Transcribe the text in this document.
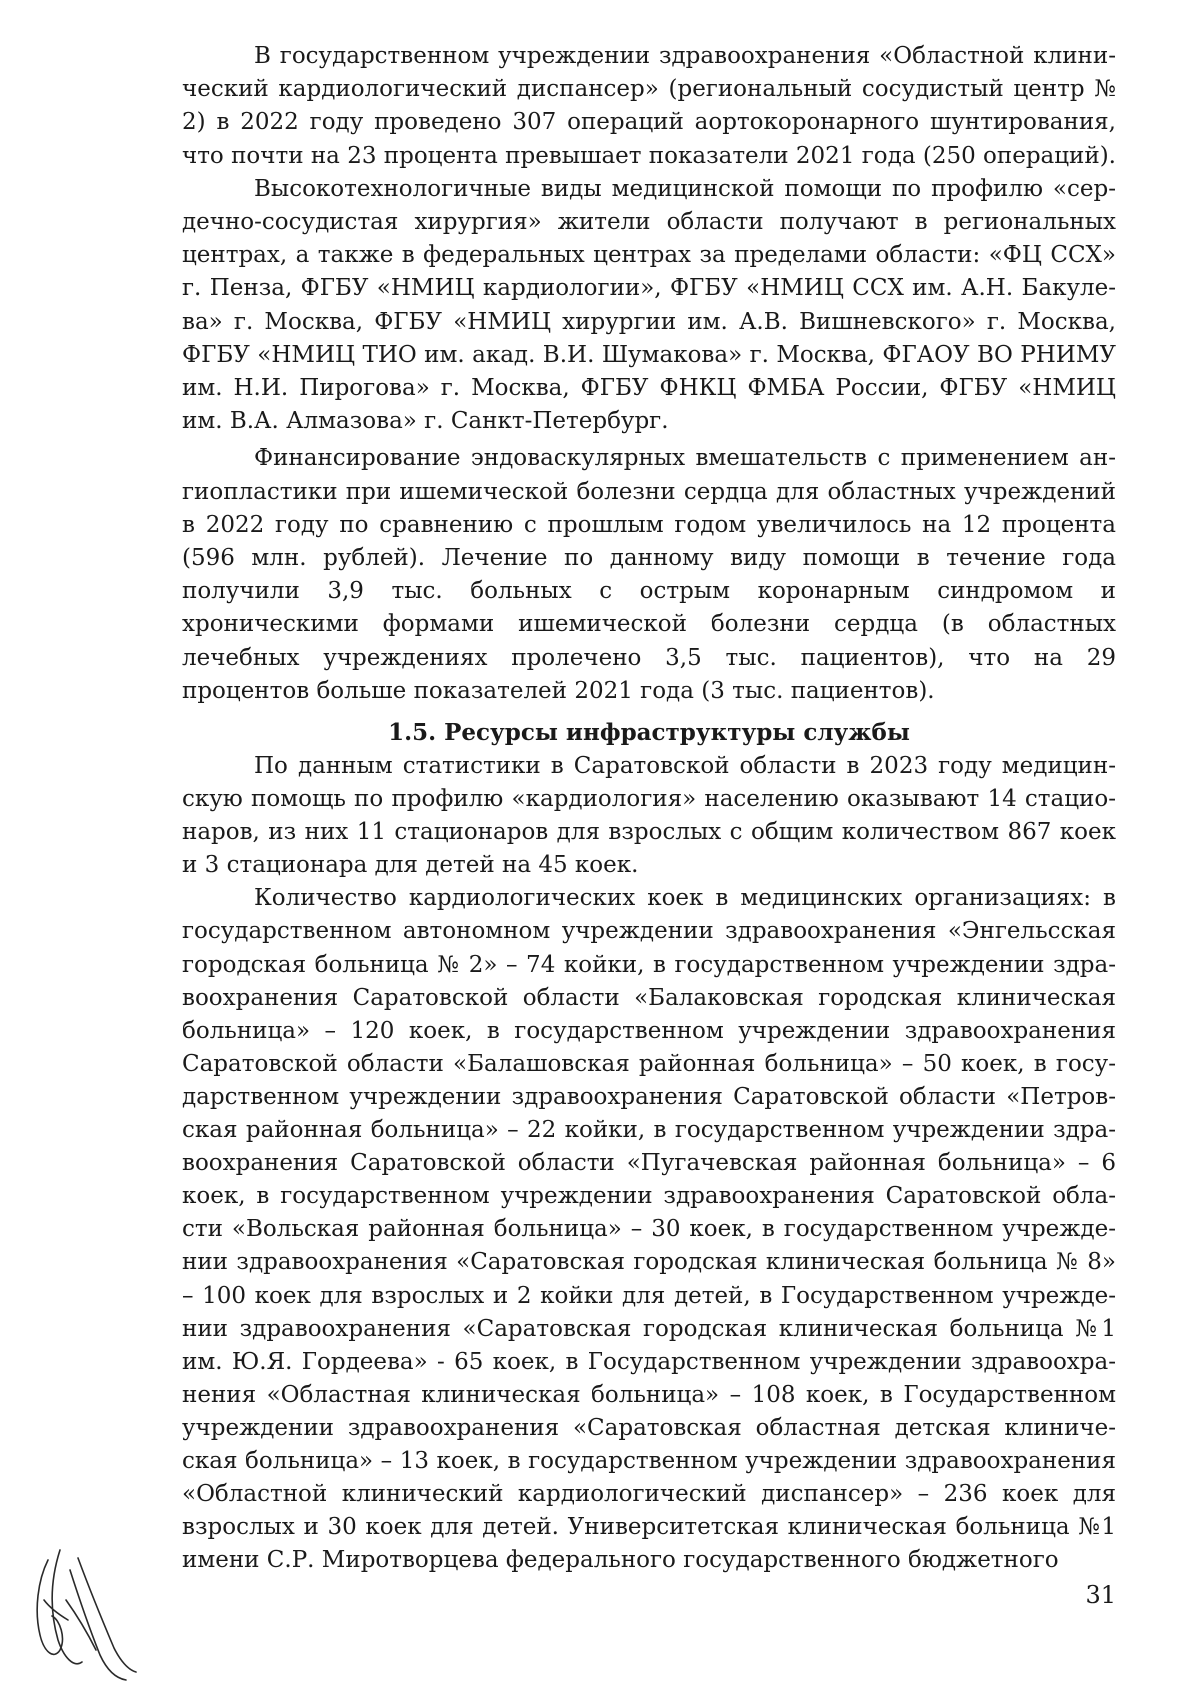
В государственном учреждении здравоохранения «Областной клинический кардиологический диспансер» (региональный сосудистый центр № 2) в 2022 году проведено 307 операций аортокоронарного шунтирования, что почти на 23 процента превышает показатели 2021 года (250 операций).

Высокотехнологичные виды медицинской помощи по профилю «сердечно-сосудистая хирургия» жители области получают в региональных центрах, а также в федеральных центрах за пределами области: «ФЦ ССХ» г. Пенза, ФГБУ «НМИЦ кардиологии», ФГБУ «НМИЦ ССХ им. А.Н. Бакулева» г. Москва, ФГБУ «НМИЦ хирургии им. А.В. Вишневского» г. Москва, ФГБУ «НМИЦ ТИО им. акад. В.И. Шумакова» г. Москва, ФГАОУ ВО РНИМУ им. Н.И. Пирогова» г. Москва, ФГБУ ФНКЦ ФМБА России, ФГБУ «НМИЦ им. В.А. Алмазова» г. Санкт-Петербург.

Финансирование эндоваскулярных вмешательств с применением ангиопластики при ишемической болезни сердца для областных учреждений в 2022 году по сравнению с прошлым годом увеличилось на 12 процента (596 млн. рублей). Лечение по данному виду помощи в течение года получили 3,9 тыс. больных с острым коронарным синдромом и хроническими формами ишемической болезни сердца (в областных лечебных учреждениях пролечено 3,5 тыс. пациентов), что на 29 процентов больше показателей 2021 года (3 тыс. пациентов).

1.5. Ресурсы инфраструктуры службы

По данным статистики в Саратовской области в 2023 году медицинскую помощь по профилю «кардиология» населению оказывают 14 стационаров, из них 11 стационаров для взрослых с общим количеством 867 коек и 3 стационара для детей на 45 коек.

Количество кардиологических коек в медицинских организациях: в государственном автономном учреждении здравоохранения «Энгельсская городская больница № 2» – 74 койки, в государственном учреждении здравоохранения Саратовской области «Балаковская городская клиническая больница» – 120 коек, в государственном учреждении здравоохранения Саратовской области «Балашовская районная больница» – 50 коек, в государственном учреждении здравоохранения Саратовской области «Петровская районная больница» – 22 койки, в государственном учреждении здравоохранения Саратовской области «Пугачевская районная больница» – 6 коек, в государственном учреждении здравоохранения Саратовской области «Вольская районная больница» – 30 коек, в государственном учреждении здравоохранения «Саратовская городская клиническая больница № 8» – 100 коек для взрослых и 2 койки для детей, в Государственном учреждении здравоохранения «Саратовская городская клиническая больница №1 им. Ю.Я. Гордеева» - 65 коек, в Государственном учреждении здравоохранения «Областная клиническая больница» – 108 коек, в Государственном учреждении здравоохранения «Саратовская областная детская клиническая больница» – 13 коек, в государственном учреждении здравоохранения «Областной клинический кардиологический диспансер» – 236 коек для взрослых и 30 коек для детей. Университетская клиническая больница №1 имени С.Р. Миротворцева федерального государственного бюджетного

31
